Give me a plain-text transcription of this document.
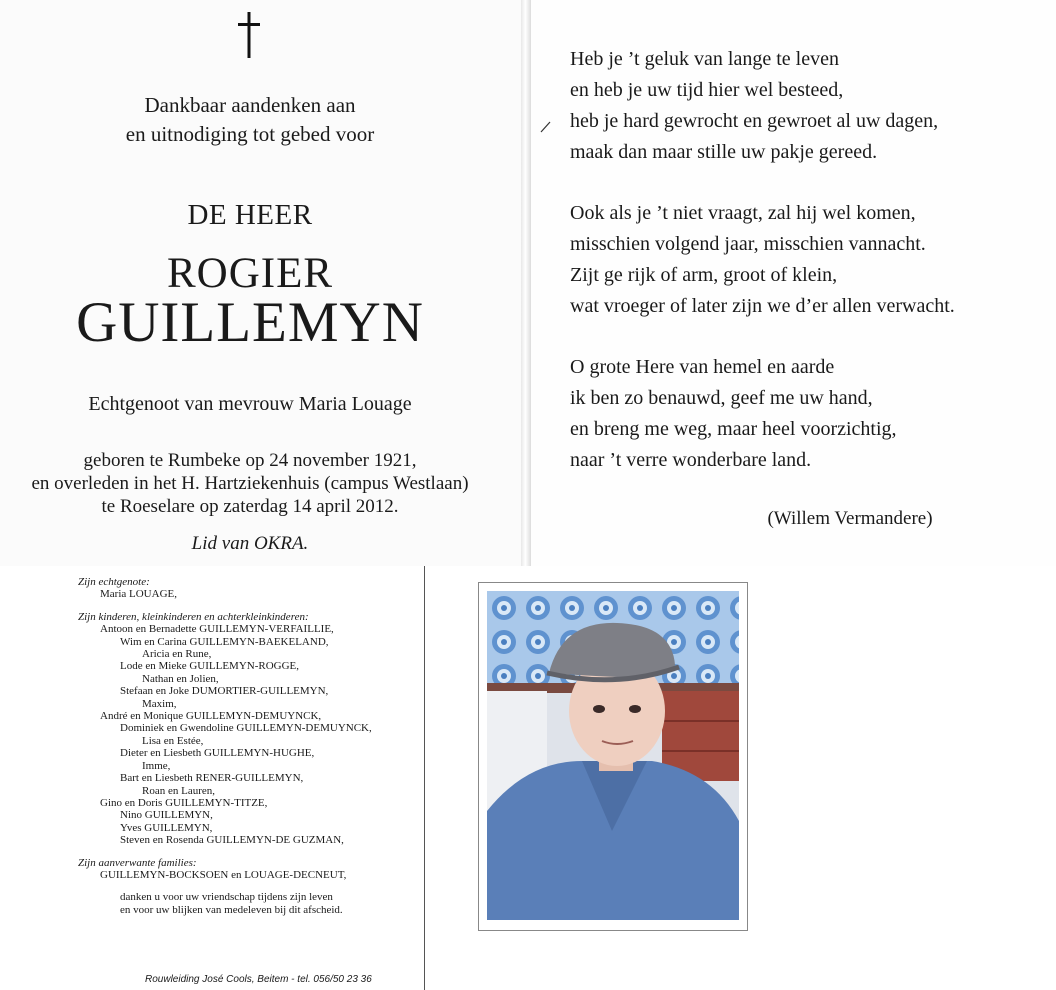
Dankbaar aandenken aan
en uitnodiging tot gebed voor
DE HEER
ROGIER
GUILLEMYN
Echtgenoot van mevrouw Maria Louage
geboren te Rumbeke op 24 november 1921,
en overleden in het H. Hartziekenhuis (campus Westlaan)
te Roeselare op zaterdag 14 april 2012.
Lid van OKRA.
Heb je ’t geluk van lange te leven
en heb je uw tijd hier wel besteed,
heb je hard gewrocht en gewroet al uw dagen,
maak dan maar stille uw pakje gereed.
Ook als je ’t niet vraagt, zal hij wel komen,
misschien volgend jaar, misschien vannacht.
Zijt ge rijk of arm, groot of klein,
wat vroeger of later zijn we d’er allen verwacht.
O grote Here van hemel en aarde
ik ben zo benauwd, geef me uw hand,
en breng me weg, maar heel voorzichtig,
naar ’t verre wonderbare land.
(Willem Vermandere)
Zijn echtgenote:
Maria LOUAGE,
Zijn kinderen, kleinkinderen en achterkleinkinderen:
Antoon en Bernadette GUILLEMYN-VERFAILLIE,
Wim en Carina GUILLEMYN-BAEKELAND,
Aricia en Rune,
Lode en Mieke GUILLEMYN-ROGGE,
Nathan en Jolien,
Stefaan en Joke DUMORTIER-GUILLEMYN,
Maxim,
André en Monique GUILLEMYN-DEMUYNCK,
Dominiek en Gwendoline GUILLEMYN-DEMUYNCK,
Lisa en Estée,
Dieter en Liesbeth GUILLEMYN-HUGHE,
Imme,
Bart en Liesbeth RENER-GUILLEMYN,
Roan en Lauren,
Gino en Doris GUILLEMYN-TITZE,
Nino GUILLEMYN,
Yves GUILLEMYN,
Steven en Rosenda GUILLEMYN-DE GUZMAN,
Zijn aanverwante families:
GUILLEMYN-BOCKSOEN en LOUAGE-DECNEUT,
danken u voor uw vriendschap tijdens zijn leven
en voor uw blijken van medeleven bij dit afscheid.
Rouwleiding José Cools, Beitem - tel. 056/50 23 36
